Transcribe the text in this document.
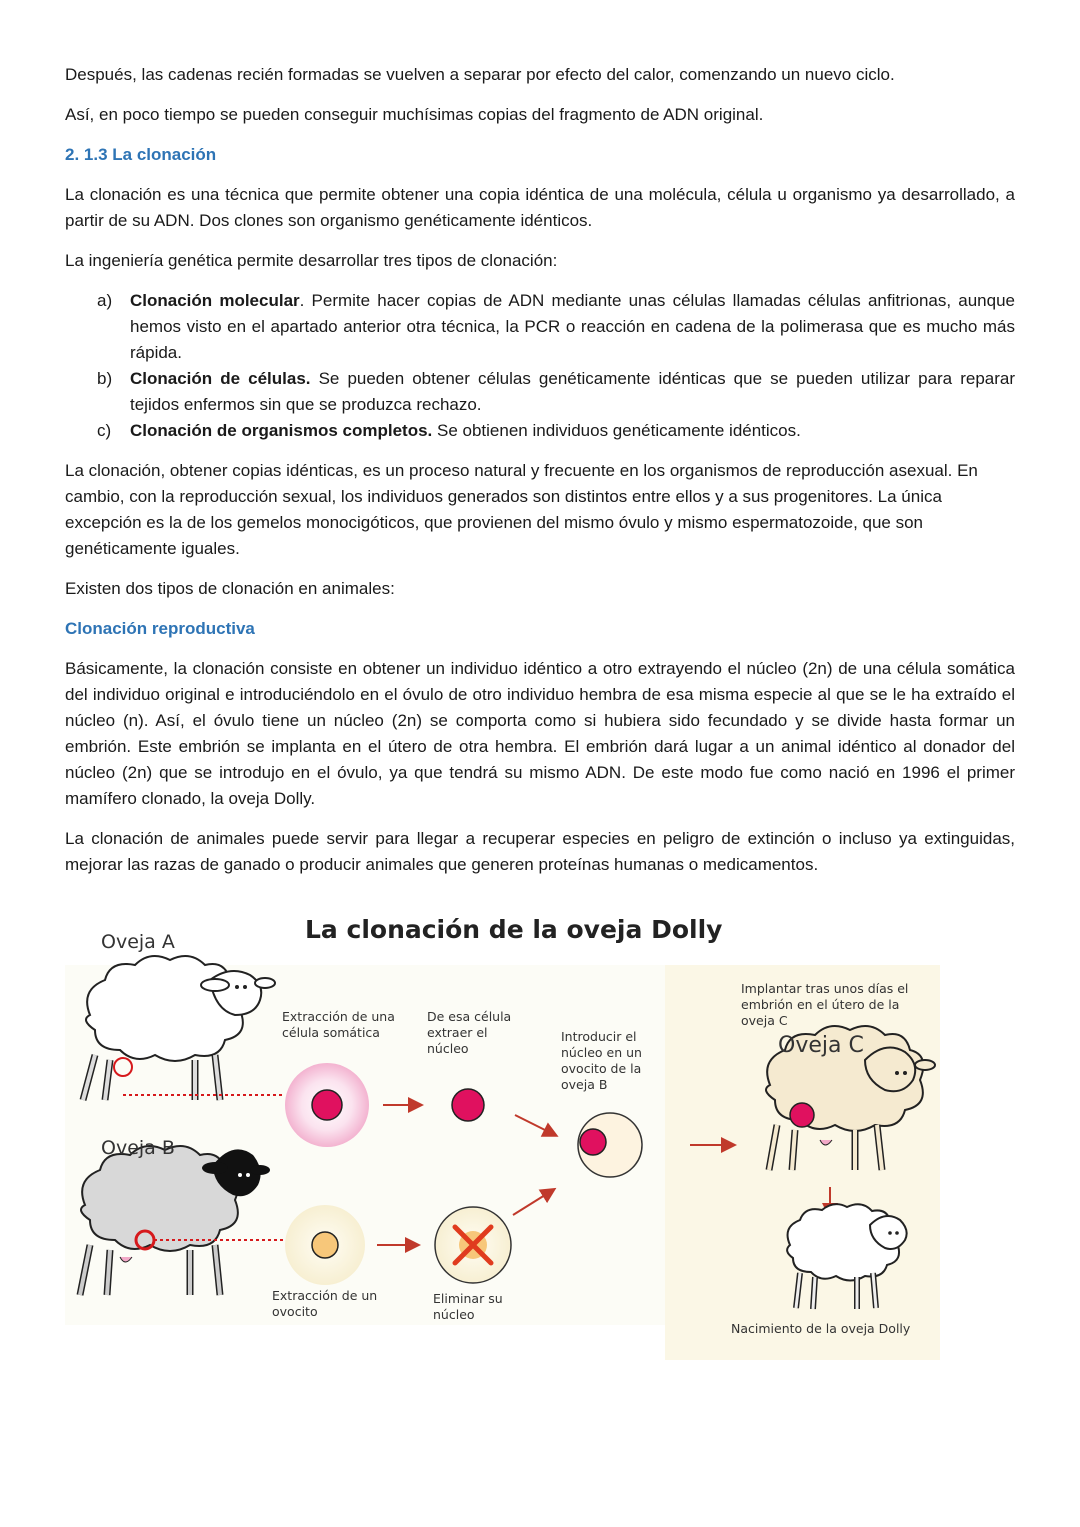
Después, las cadenas recién formadas se vuelven a separar por efecto del calor, comenzando un nuevo ciclo.

Así, en poco tiempo se pueden conseguir muchísimas copias del fragmento de ADN original.

2. 1.3 La clonación

La clonación es una técnica que permite obtener una copia idéntica de una molécula, célula u organismo ya desarrollado, a partir de su ADN. Dos clones son organismo genéticamente idénticos.

La ingeniería genética permite desarrollar tres tipos de clonación:

a) Clonación molecular. Permite hacer copias de ADN mediante unas células llamadas células anfitrionas, aunque hemos visto en el apartado anterior otra técnica, la PCR o reacción en cadena de la polimerasa que es mucho más rápida.
b) Clonación de células. Se pueden obtener células genéticamente idénticas que se pueden utilizar para reparar tejidos enfermos sin que se produzca rechazo.
c) Clonación de organismos completos. Se obtienen individuos genéticamente idénticos.

La clonación, obtener copias idénticas, es un proceso natural y frecuente en los organismos de reproducción asexual. En cambio, con la reproducción sexual, los individuos generados son distintos entre ellos y a sus progenitores. La única excepción es la de los gemelos monocigóticos, que provienen del mismo óvulo y mismo espermatozoide, que son genéticamente iguales.

Existen dos tipos de clonación en animales:

Clonación reproductiva

Básicamente, la clonación consiste en obtener un individuo idéntico a otro extrayendo el núcleo (2n) de una célula somática del individuo original e introduciéndolo en el óvulo de otro individuo hembra de esa misma especie al que se le ha extraído el núcleo (n). Así, el óvulo tiene un núcleo (2n) se comporta como si hubiera sido fecundado y se divide hasta formar un embrión. Este embrión se implanta en el útero de otra hembra. El embrión dará lugar a un animal idéntico al donador del núcleo (2n) que se introdujo en el óvulo, ya que tendrá su mismo ADN. De este modo fue como nació en 1996 el primer mamífero clonado, la oveja Dolly.

La clonación de animales puede servir para llegar a recuperar especies en peligro de extinción o incluso ya extinguidas, mejorar las razas de ganado o producir animales que generen proteínas humanas o medicamentos.

La clonación de la oveja Dolly
Oveja A
Oveja B
Oveja C
Extracción de una célula somática
De esa célula extraer el núcleo
Introducir el núcleo en un ovocito de la oveja B
Implantar tras unos días el embrión en el útero de la oveja C
Extracción de un ovocito
Eliminar su núcleo
Nacimiento de la oveja Dolly
